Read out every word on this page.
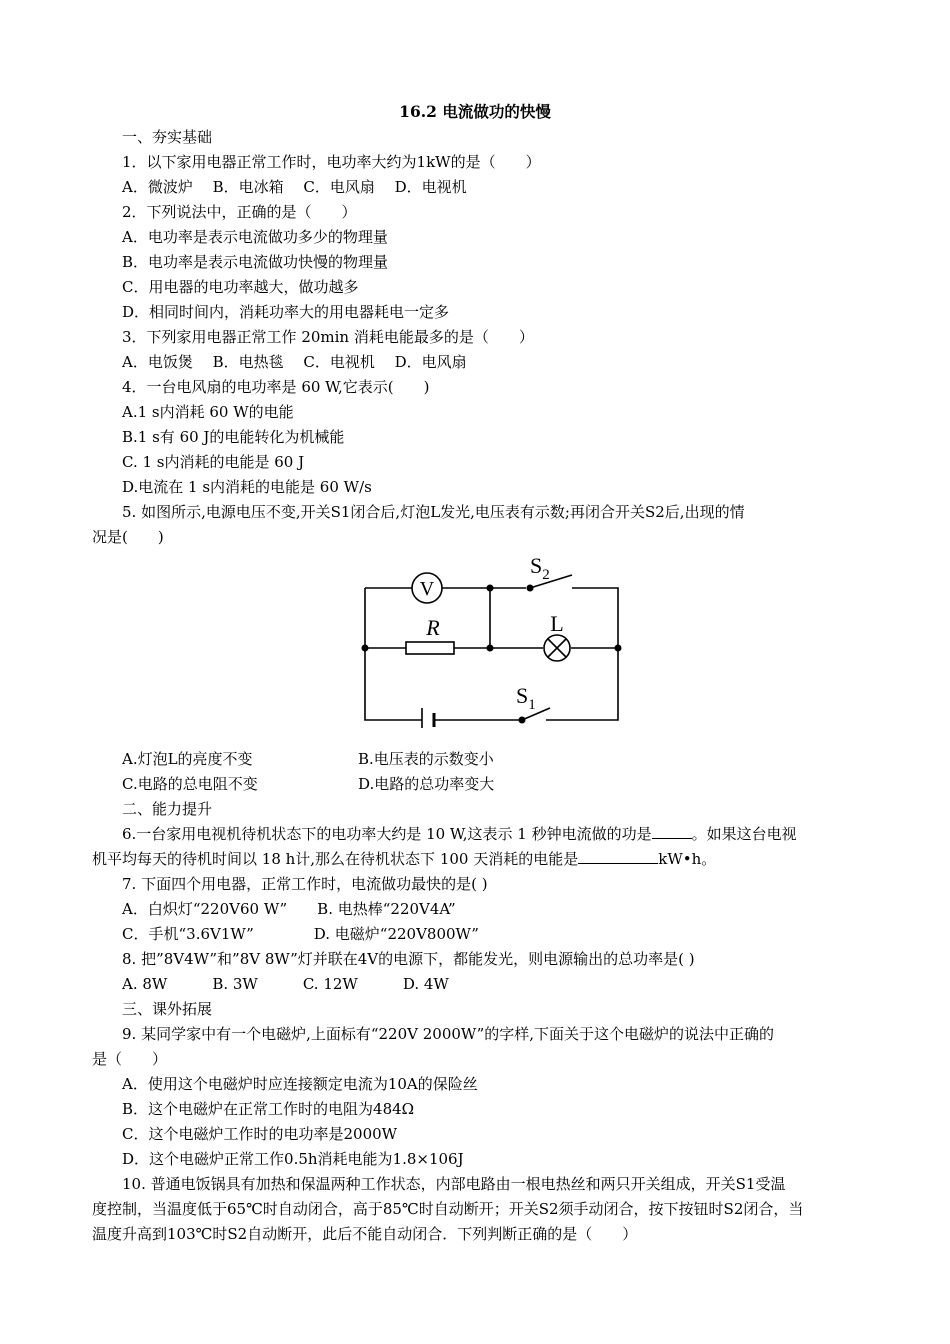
16.2 电流做功的快慢
一、夯实基础
1．以下家用电器正常工作时，电功率大约为1kW的是（　　）
A．微波炉　 B．电冰箱　 C．电风扇　 D．电视机
2．下列说法中，正确的是（　　）
A．电功率是表示电流做功多少的物理量
B．电功率是表示电流做功快慢的物理量
C．用电器的电功率越大，做功越多
D．相同时间内，消耗功率大的用电器耗电一定多
3．下列家用电器正常工作 20min 消耗电能最多的是（　　）
A．电饭煲　 B．电热毯　 C．电视机　 D．电风扇
4．一台电风扇的电功率是 60 W,它表示(　　)
A.1 s内消耗 60 W的电能
B.1 s有 60 J的电能转化为机械能
C. 1 s内消耗的电能是 60 J
D.电流在 1 s内消耗的电能是 60 W/s
5. 如图所示,电源电压不变,开关S1闭合后,灯泡L发光,电压表有示数;再闭合开关S2后,出现的情
况是(　　)
V
R	L
$S_2$
$S_1$
A.灯泡L的亮度不变	B.电压表的示数变小
C.电路的总电阻不变	D.电路的总功率变大
二、能力提升
6.一台家用电视机待机状态下的电功率大约是 10 W,这表示 1 秒钟电流做的功是	。如果这台电视
机平均每天的待机时间以 18 h计,那么在待机状态下 100 天消耗的电能是	kW•h。
7. 下面四个用电器，正常工作时，电流做功最快的是( )
A．白炽灯“220V60 W”　　B. 电热棒“220V4A”
C．手机“3.6V1W”　　　　D. 电磁炉“220V800W”
8. 把”8V4W”和”8V 8W”灯并联在4V的电源下，都能发光，则电源输出的总功率是( )
A. 8W　　　B. 3W　　　C. 12W　　　D. 4W
三、课外拓展
9. 某同学家中有一个电磁炉,上面标有“220V 2000W”的字样,下面关于这个电磁炉的说法中正确的
是（　　）
A．使用这个电磁炉时应连接额定电流为10A的保险丝
B．这个电磁炉在正常工作时的电阻为484Ω
C．这个电磁炉工作时的电功率是2000W
D．这个电磁炉正常工作0.5h消耗电能为1.8×106J
10. 普通电饭锅具有加热和保温两种工作状态，内部电路由一根电热丝和两只开关组成，开关S1受温
度控制，当温度低于65℃时自动闭合，高于85℃时自动断开；开关S2须手动闭合，按下按钮时S2闭合，当
温度升高到103℃时S2自动断开，此后不能自动闭合．下列判断正确的是（　　）
